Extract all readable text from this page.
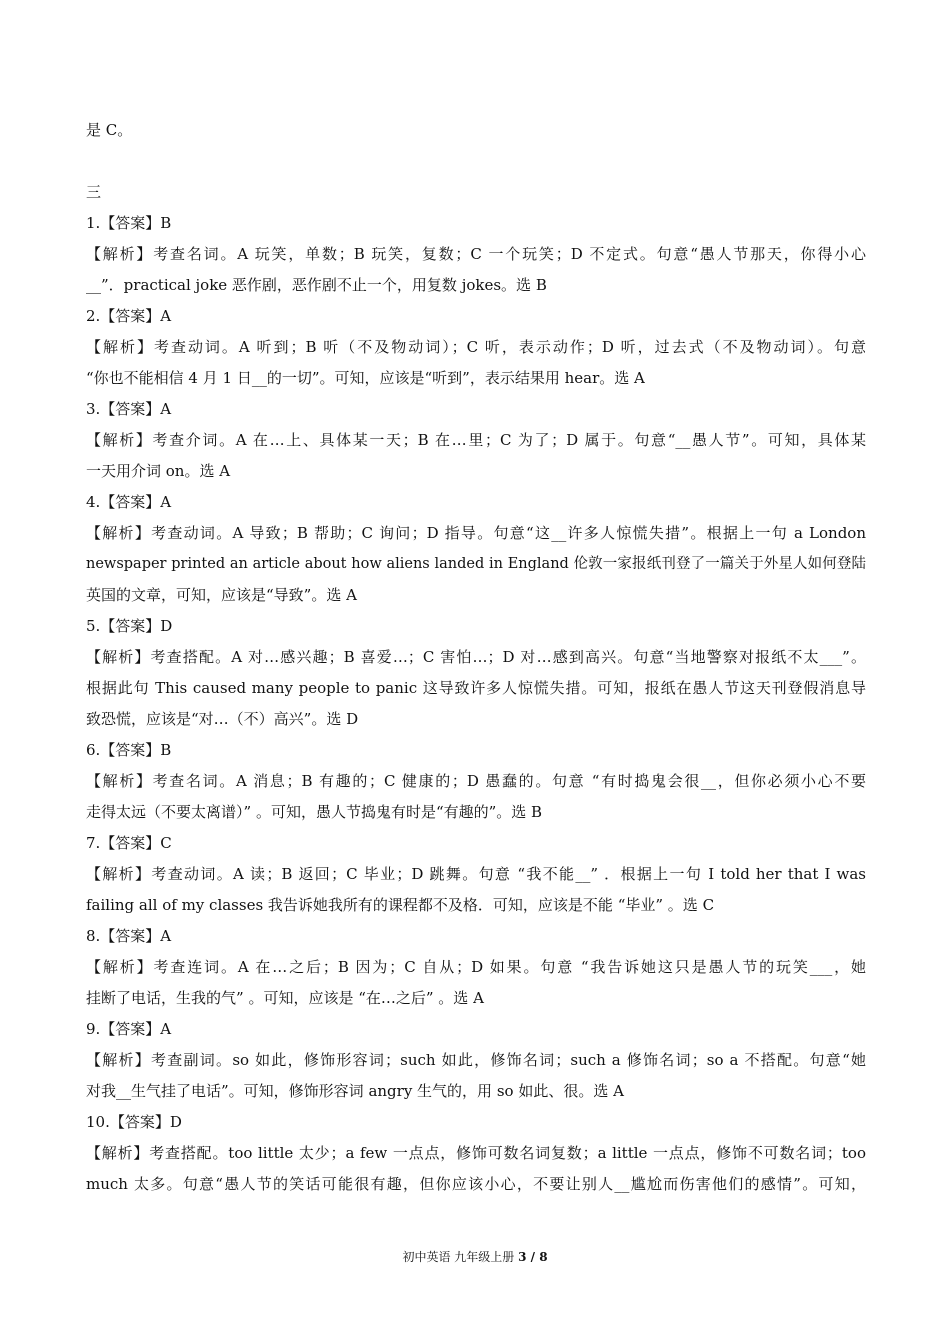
是 C。
三
1.【答案】B
【解析】考查名词。A 玩笑，单数；B 玩笑，复数；C 一个玩笑；D 不定式。句意“愚人节那天，你得小心
__”．practical joke 恶作剧，恶作剧不止一个，用复数 jokes。选 B
2.【答案】A
【解析】考查动词。A 听到；B 听（不及物动词）；C 听，表示动作；D 听，过去式（不及物动词）。句意
“你也不能相信 4 月 1 日__的一切”。可知，应该是“听到”，表示结果用 hear。选 A
3.【答案】A
【解析】考查介词。A 在…上、具体某一天；B 在…里；C 为了；D 属于。句意“__愚人节”。可知，具体某
一天用介词 on。选 A
4.【答案】A
【解析】考查动词。A 导致；B 帮助；C 询问；D 指导。句意“这__许多人惊慌失措”。根据上一句 a London
newspaper printed an article about how aliens landed in England 伦敦一家报纸刊登了一篇关于外星人如何登陆
英国的文章，可知，应该是“导致”。选 A
5.【答案】D
【解析】考查搭配。A 对…感兴趣；B 喜爱…；C 害怕…；D 对…感到高兴。句意“当地警察对报纸不太___”。
根据此句 This caused many people to panic 这导致许多人惊慌失措。可知，报纸在愚人节这天刊登假消息导
致恐慌，应该是“对…（不）高兴”。选 D
6.【答案】B
【解析】考查名词。A 消息；B 有趣的；C 健康的；D 愚蠢的。句意 “有时捣鬼会很__，但你必须小心不要
走得太远（不要太离谱）” 。可知，愚人节捣鬼有时是“有趣的”。选 B
7.【答案】C
【解析】考查动词。A 读；B 返回；C 毕业；D 跳舞。句意 “我不能__” ．根据上一句 I told her that I was
failing all of my classes 我告诉她我所有的课程都不及格．可知，应该是不能 “毕业” 。选 C
8.【答案】A
【解析】考查连词。A 在…之后；B 因为；C 自从；D 如果。句意 “我告诉她这只是愚人节的玩笑___，她
挂断了电话，生我的气” 。可知，应该是 “在…之后” 。选 A
9.【答案】A
【解析】考查副词。so 如此，修饰形容词；such 如此，修饰名词；such a 修饰名词；so a 不搭配。句意“她
对我__生气挂了电话”。可知，修饰形容词 angry 生气的，用 so 如此、很。选 A
10.【答案】D
【解析】考查搭配。too little 太少；a few 一点点，修饰可数名词复数；a little 一点点，修饰不可数名词；too
much 太多。句意“愚人节的笑话可能很有趣，但你应该小心，不要让别人__尴尬而伤害他们的感情”。可知，
初中英语 九年级上册 3 / 8
